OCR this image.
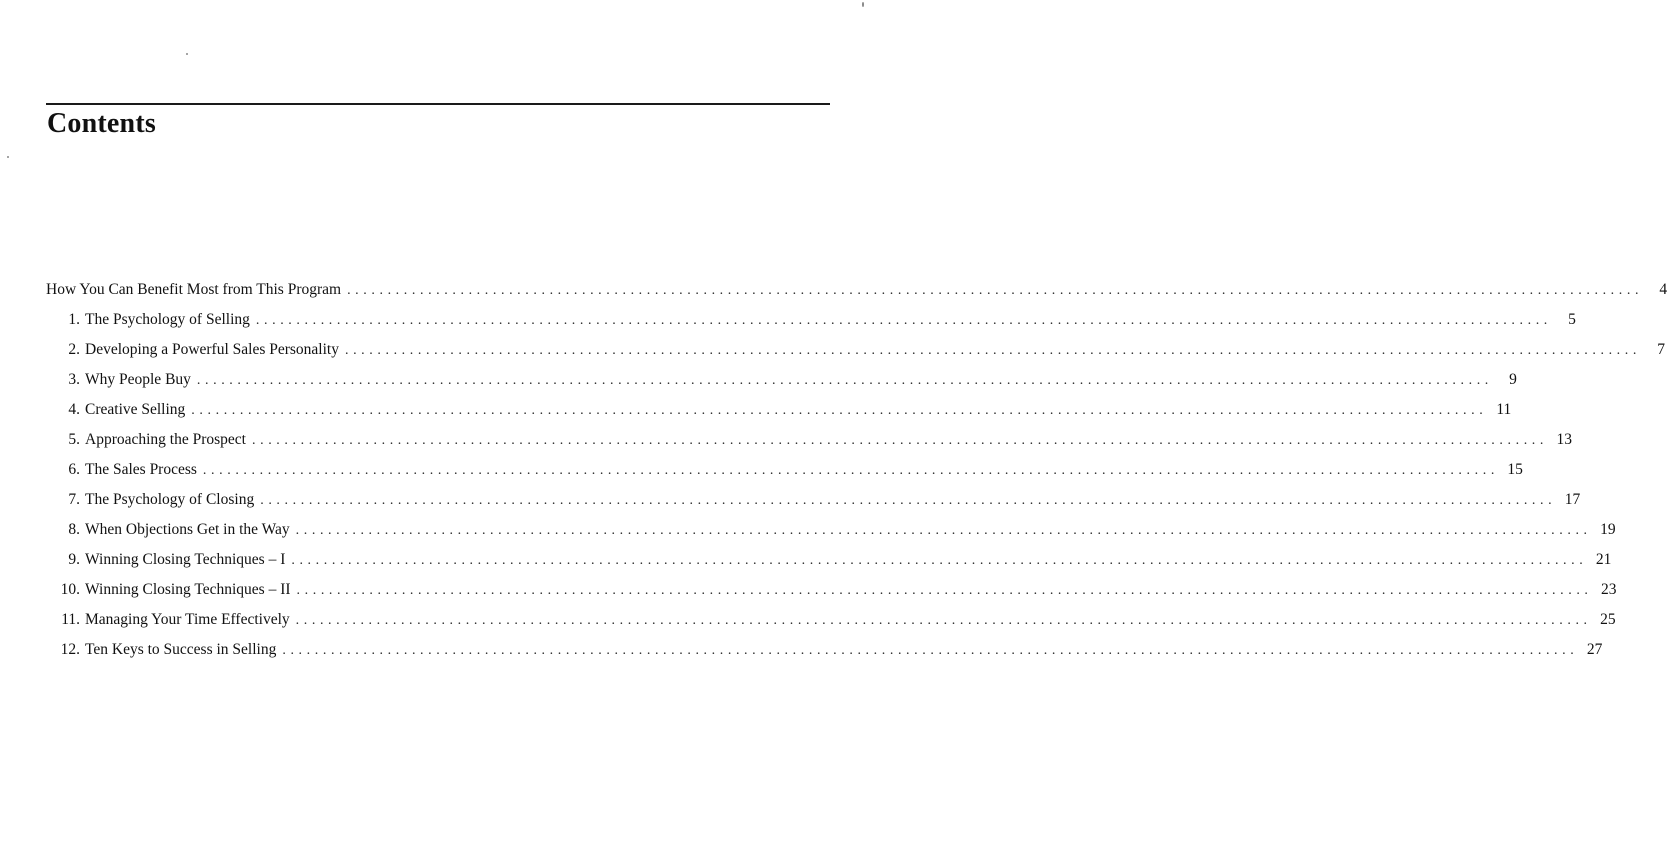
Contents
How You Can Benefit Most from This Program ................................................................................................................................................................	4
1. The Psychology of Selling ................................................................................................................................................................	5
2. Developing a Powerful Sales Personality ................................................................................................................................................................	7
3. Why People Buy ................................................................................................................................................................	9
4. Creative Selling ................................................................................................................................................................ 11
5. Approaching the Prospect ................................................................................................................................................................ 13
6. The Sales Process ................................................................................................................................................................ 15
7. The Psychology of Closing ................................................................................................................................................................ 17
8. When Objections Get in the Way ................................................................................................................................................................ 19
9. Winning Closing Techniques – I ................................................................................................................................................................ 21
10. Winning Closing Techniques – II ................................................................................................................................................................ 23
11. Managing Your Time Effectively ................................................................................................................................................................ 25
12. Ten Keys to Success in Selling ................................................................................................................................................................ 27
